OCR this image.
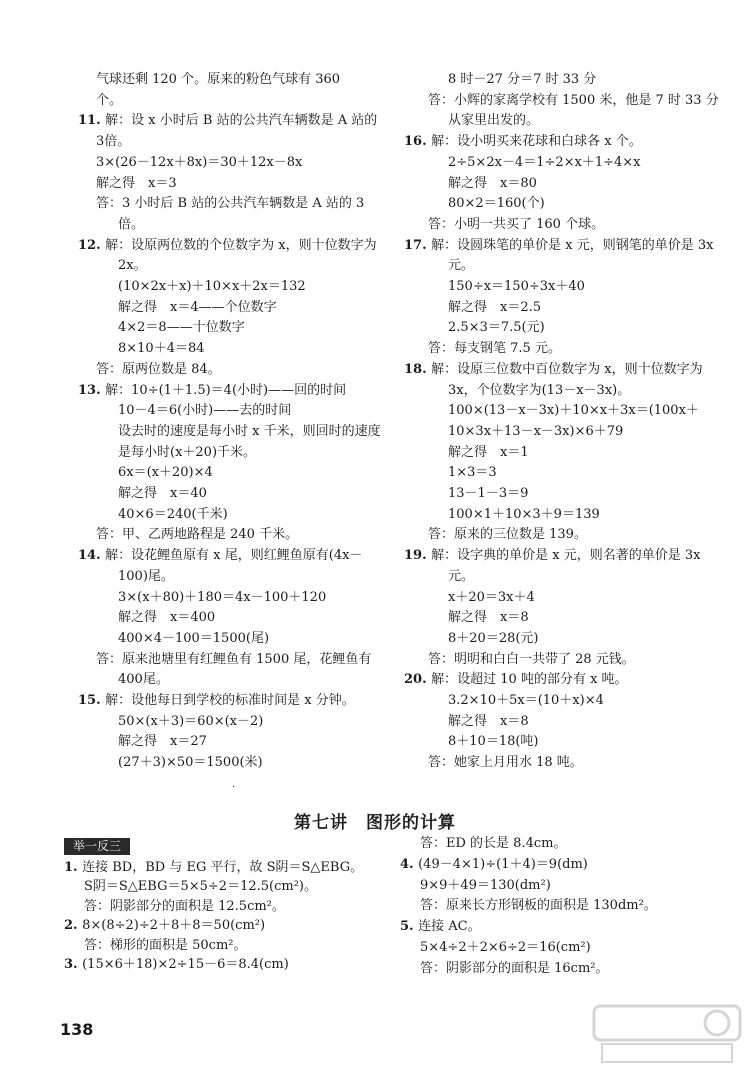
气球还剩 120 个。原来的粉色气球有 360
个。
11. 解：设 x 小时后 B 站的公共汽车辆数是 A 站的
3倍。
3×(26－12x＋8x)＝30＋12x－8x
解之得　x＝3
答：3 小时后 B 站的公共汽车辆数是 A 站的 3
倍。
12. 解：设原两位数的个位数字为 x，则十位数字为
2x。
(10×2x＋x)＋10×x＋2x＝132
解之得　x＝4——个位数字
4×2＝8——十位数字
8×10＋4＝84
答：原两位数是 84。
13. 解：10÷(1＋1.5)＝4(小时)——回的时间
10－4＝6(小时)——去的时间
设去时的速度是每小时 x 千米，则回时的速度
是每小时(x＋20)千米。
6x＝(x＋20)×4
解之得　x＝40
40×6＝240(千米)
答：甲、乙两地路程是 240 千米。
14. 解：设花鲤鱼原有 x 尾，则红鲤鱼原有(4x－
100)尾。
3×(x＋80)＋180＝4x－100＋120
解之得　x＝400
400×4－100＝1500(尾)
答：原来池塘里有红鲤鱼有 1500 尾，花鲤鱼有
400尾。
15. 解：设他每日到学校的标准时间是 x 分钟。
50×(x＋3)＝60×(x－2)
解之得　x＝27
(27＋3)×50＝1500(米)
8 时－27 分＝7 时 33 分
答：小辉的家离学校有 1500 米，他是 7 时 33 分
从家里出发的。
16. 解：设小明买来花球和白球各 x 个。
2÷5×2x－4＝1÷2×x＋1÷4×x
解之得　x＝80
80×2＝160(个)
答：小明一共买了 160 个球。
17. 解：设圆珠笔的单价是 x 元，则钢笔的单价是 3x
元。
150÷x＝150÷3x＋40
解之得　x＝2.5
2.5×3＝7.5(元)
答：每支钢笔 7.5 元。
18. 解：设原三位数中百位数字为 x，则十位数字为
3x，个位数字为(13－x－3x)。
100×(13－x－3x)＋10×x＋3x＝(100x＋
10×3x＋13－x－3x)×6＋79
解之得　x＝1
1×3＝3
13－1－3＝9
100×1＋10×3＋9＝139
答：原来的三位数是 139。
19. 解：设字典的单价是 x 元，则名著的单价是 3x
元。
x＋20＝3x＋4
解之得　x＝8
8＋20＝28(元)
答：明明和白白一共带了 28 元钱。
20. 解：设超过 10 吨的部分有 x 吨。
3.2×10＋5x＝(10＋x)×4
解之得　x＝8
8＋10＝18(吨)
答：她家上月用水 18 吨。
·
第七讲　图形的计算
举一反三
1. 连接 BD，BD 与 EG 平行，故 S阴＝S△EBG。
S阴＝S△EBG＝5×5÷2＝12.5(cm²)。
答：阴影部分的面积是 12.5cm²。
2. 8×(8÷2)÷2＋8＋8＝50(cm²)
答：梯形的面积是 50cm²。
3. (15×6＋18)×2÷15－6＝8.4(cm)
答：ED 的长是 8.4cm。
4. (49－4×1)÷(1＋4)＝9(dm)
9×9＋49＝130(dm²)
答：原来长方形钢板的面积是 130dm²。
5. 连接 AC。
5×4÷2＋2×6÷2＝16(cm²)
答：阴影部分的面积是 16cm²。
138
